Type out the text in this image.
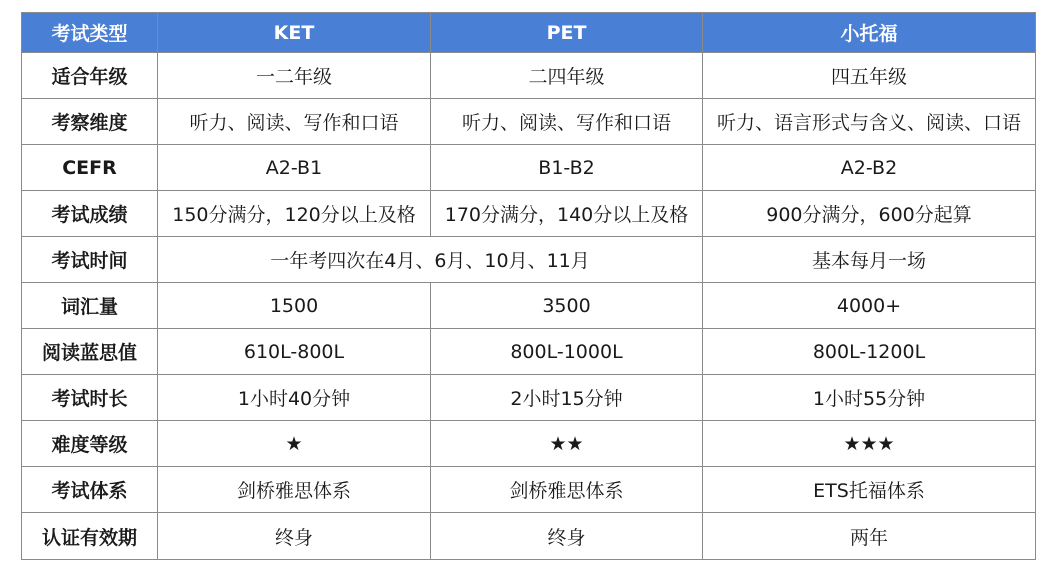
考试类型	KET	PET	小托福
适合年级	一二年级	二四年级	四五年级
考察维度	听力、阅读、写作和口语	听力、阅读、写作和口语	听力、语言形式与含义、阅读、口语
CEFR	A2-B1	B1-B2	A2-B2
考试成绩	150分满分，120分以上及格	170分满分，140分以上及格	900分满分，600分起算
考试时间	一年考四次在4月、6月、10月、11月		基本每月一场
词汇量	1500	3500	4000+
阅读蓝思值	610L-800L	800L-1000L	800L-1200L
考试时长	1小时40分钟	2小时15分钟	1小时55分钟
难度等级	★	★★	★★★
考试体系	剑桥雅思体系	剑桥雅思体系	ETS托福体系
认证有效期	终身	终身	两年
